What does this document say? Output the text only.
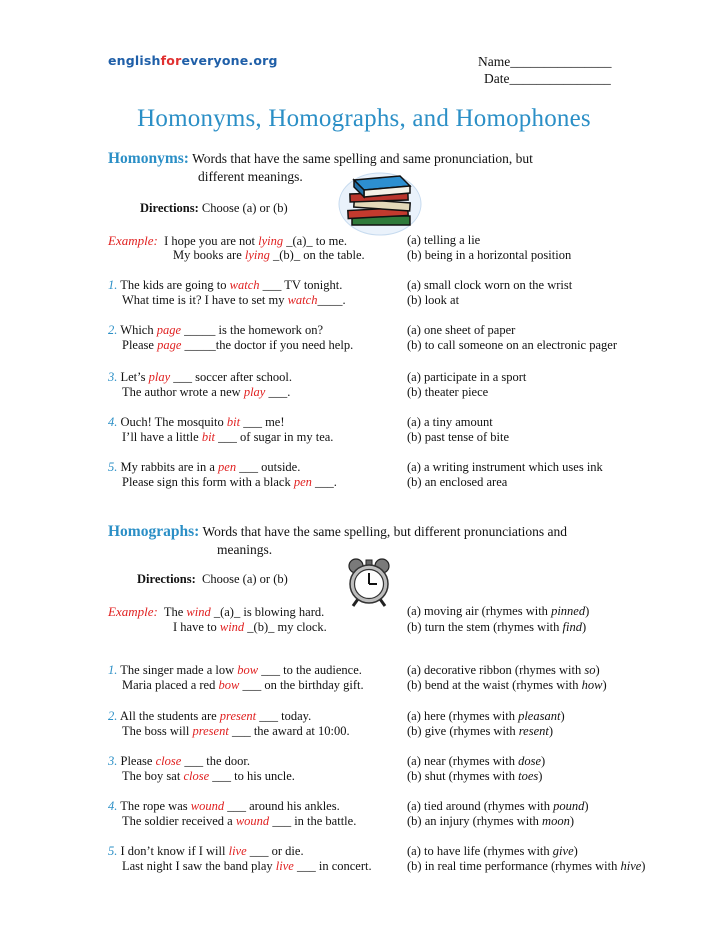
englishforeveryone.org	Name_______________
Date_______________
Homonyms, Homographs, and Homophones
Homonyms: Words that have the same spelling and same pronunciation, but
different meanings.
Directions: Choose (a) or (b)
Example: I hope you are not lying _(a)_ to me.
My books are lying _(b)_ on the table.
(a) telling a lie
(b) being in a horizontal position
1. The kids are going to watch ___ TV tonight.
What time is it? I have to set my watch____.
(a) small clock worn on the wrist
(b) look at
2. Which page _____ is the homework on?
Please page _____the doctor if you need help.
(a) one sheet of paper
(b) to call someone on an electronic pager
3. Let’s play ___ soccer after school.
The author wrote a new play ___.
(a) participate in a sport
(b) theater piece
4. Ouch! The mosquito bit ___ me!
I’ll have a little bit ___ of sugar in my tea.
(a) a tiny amount
(b) past tense of bite
5. My rabbits are in a pen ___ outside.
Please sign this form with a black pen ___.
(a) a writing instrument which uses ink
(b) an enclosed area
Homographs: Words that have the same spelling, but different pronunciations and
meanings.
Directions: Choose (a) or (b)
Example: The wind _(a)_ is blowing hard.
I have to wind _(b)_ my clock.
(a) moving air (rhymes with pinned)
(b) turn the stem (rhymes with find)
1. The singer made a low bow ___ to the audience.
Maria placed a red bow ___ on the birthday gift.
(a) decorative ribbon (rhymes with so)
(b) bend at the waist (rhymes with how)
2. All the students are present ___ today.
The boss will present ___ the award at 10:00.
(a) here (rhymes with pleasant)
(b) give (rhymes with resent)
3. Please close ___ the door.
The boy sat close ___ to his uncle.
(a) near (rhymes with dose)
(b) shut (rhymes with toes)
4. The rope was wound ___ around his ankles.
The soldier received a wound ___ in the battle.
(a) tied around (rhymes with pound)
(b) an injury (rhymes with moon)
5. I don’t know if I will live ___ or die.
Last night I saw the band play live ___ in concert.
(a) to have life (rhymes with give)
(b) in real time performance (rhymes with hive)
